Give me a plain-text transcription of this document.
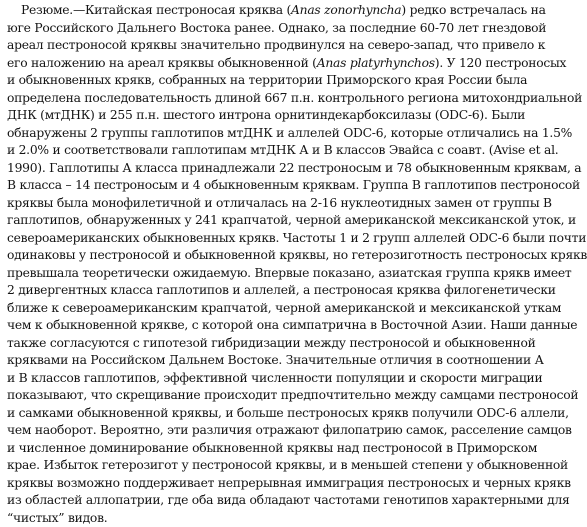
Резюме.—Китайская пестроносая кряква (Anas zonorhyncha) редко встречалась на
юге Российского Дальнего Востока ранее. Однако, за последние 60-70 лет гнездовой
ареал пестроносой кряквы значительно продвинулся на северо-запад, что привело к
его наложению на ареал кряквы обыкновенной (Anas platyrhynchos). У 120 пестроносых
и обыкновенных крякв, собранных на территории Приморского края России была
определена последовательность длиной 667 п.н. контрольного региона митохондриальной
ДНК (мтДНК) и 255 п.н. шестого интрона орнитиндекарбоксилазы (ODC-6). Были
обнаружены 2 группы гаплотипов мтДНК и аллелей ODC-6, которые отличались на 1.5%
и 2.0% и соответствовали гаплотипам мтДНК А и В классов Эвайса с соавт. (Avise et al.
1990). Гаплотипы А класса принадлежали 22 пестроносым и 78 обыкновенным кряквам, а
В класса – 14 пестроносым и 4 обыкновенным кряквам. Группа В гаплотипов пестроносой
кряквы была монофилетичной и отличалась на 2-16 нуклеотидных замен от группы В
гаплотипов, обнаруженных у 241 крапчатой, черной американской мексиканской уток, и
североамериканских обыкновенных крякв. Частоты 1 и 2 групп аллелей ODC-6 были почти
одинаковы у пестроносой и обыкновенной кряквы, но гетерозиготность пестроносых крякв
превышала теоретически ожидаемую. Впервые показано, азиатская группа крякв имеет
2 дивергентных класса гаплотипов и аллелей, а пестроносая кряква филогенетически
ближе к североамериканским крапчатой, черной американской и мексиканской уткам
чем к обыкновенной крякве, с которой она симпатрична в Восточной Азии. Наши данные
также согласуются с гипотезой гибридизации между пестроносой и обыкновенной
кряквами на Российском Дальнем Востоке. Значительные отличия в соотношении А
и В классов гаплотипов, эффективной численности популяции и скорости миграции
показывают, что скрещивание происходит предпочтительно между самцами пестроносой
и самками обыкновенной кряквы, и больше пестроносых крякв получили ODC-6 аллели,
чем наоборот. Вероятно, эти различия отражают филопатрию самок, расселение самцов
и численное доминирование обыкновенной кряквы над пестроносой в Приморском
крае. Избыток гетерозигот у пестроносой кряквы, и в меньшей степени у обыкновенной
кряквы возможно поддерживает непрерывная иммиграция пестроносых и черных крякв
из областей аллопатрии, где оба вида обладают частотами генотипов характерными для
“чистых” видов.
